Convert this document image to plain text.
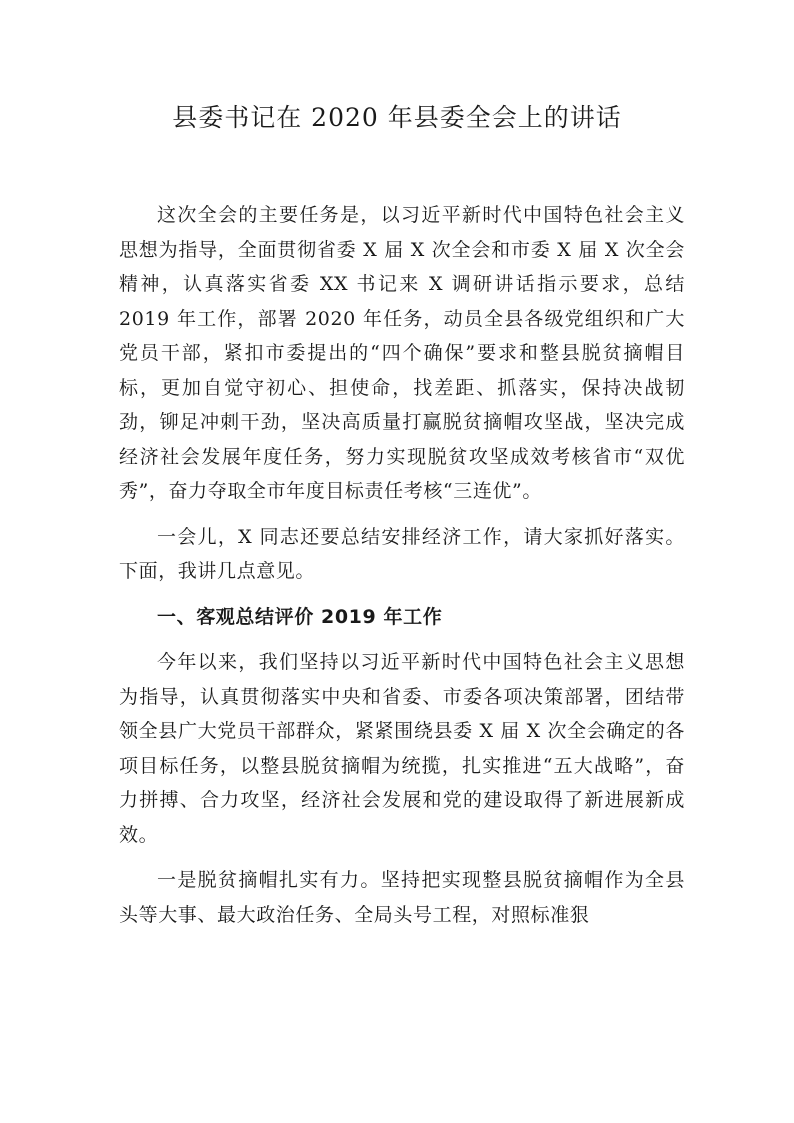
县委书记在 2020 年县委全会上的讲话

这次全会的主要任务是，以习近平新时代中国特色社会主义思想为指导，全面贯彻省委 X 届 X 次全会和市委 X 届 X 次全会精神，认真落实省委 XX 书记来 X 调研讲话指示要求，总结 2019 年工作，部署 2020 年任务，动员全县各级党组织和广大党员干部，紧扣市委提出的“四个确保”要求和整县脱贫摘帽目标，更加自觉守初心、担使命，找差距、抓落实，保持决战韧劲，铆足冲刺干劲，坚决高质量打赢脱贫摘帽攻坚战，坚决完成经济社会发展年度任务，努力实现脱贫攻坚成效考核省市“双优秀”，奋力夺取全市年度目标责任考核“三连优”。

一会儿，X 同志还要总结安排经济工作，请大家抓好落实。下面，我讲几点意见。

一、客观总结评价 2019 年工作

今年以来，我们坚持以习近平新时代中国特色社会主义思想为指导，认真贯彻落实中央和省委、市委各项决策部署，团结带领全县广大党员干部群众，紧紧围绕县委 X 届 X 次全会确定的各项目标任务，以整县脱贫摘帽为统揽，扎实推进“五大战略”，奋力拼搏、合力攻坚，经济社会发展和党的建设取得了新进展新成效。

一是脱贫摘帽扎实有力。坚持把实现整县脱贫摘帽作为全县头等大事、最大政治任务、全局头号工程，对照标准狠
